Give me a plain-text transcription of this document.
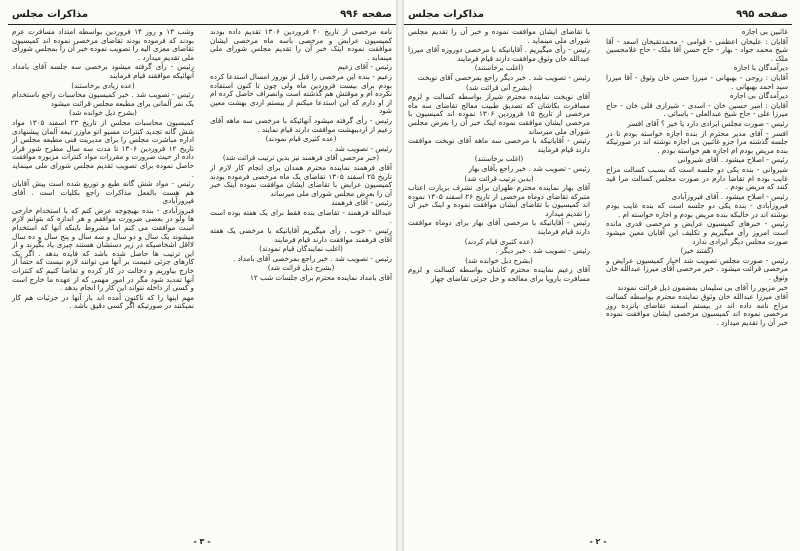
صفحه ۹۹۶
مذاکرات مجلس

نامه مرخصی از تاریخ ۲۰ فروردین ۱۳۰۶ تقدیم داده بودند کمیسیون عرایض و مرخصی باسه ماه مرخصی ایشان موافقت نموده اینک خبر آن را تقدیم مجلس شورای ملی مینماید .

رئیس - آقای زعیم

زعیم - بنده این مرخصی را قبل از نوروز امسال استدعا کرده بودم برای بیست فروردین ماه ولی چون تا کنون استفاده نکرده ام و موقتش هم گذشته است وانصراف حاصل کرده ام از او دارم که این استدعا میکنم از بیستم اردی بهشت معین شود

رئیس - رأی گرفته میشود آنهائیکه با مرخصی سه ماهه آقای زعیم از اردیبهشت موافقت دارند قیام نمایند .

(عده کثیری قیام نمودند)

رئیس - تصویب شد .

(خبر مرخصی آقای فرهمند نیز بدین ترتیب قرائت شد)

آقای فرهمند نماینده محترم همدان برای انجام کار لازم از تاریخ ۲۵ اسفند ۱۳۰۵ تقاضای یک ماه مرخصی فرموده بودند کمیسیون عرایض با تقاضای ایشان موافقت نموده اینک خبر آن را بعرض مجلس شورای ملی میرساند

رئیس - آقای فرهمند

عبدالله فرهمند - تقاضای بنده فقط برای یک هفته بوده است .

رئیس - خوب . رأی میگیریم آقایانیکه با مرخصی یک هفته آقای فرهمند موافقت دارند قیام فرمایند

(اغلب نمایندگان قیام نمودند)

رئیس - تصویب شد . خبر راجع بمرخصی آقای بامداد .

(بشرح ذیل قرائت شد)

آقای بامداد نماینده محترم برای جلسات شب ۱۲

وشب ۱۳ و روز ۱۴ فروردین بواسطه امتداد مسافرت عزم بودند که فرموده بودند تقاضای مرخصی نموده اند کمیسیون تقاضای معزی الیه را تصویب نموده خبر آن را بمجلس شورای ملی تقدیم میدارد .

رئیس - رأی گرفته میشود برخصی سه جلسه آقای بامداد آنهائیکه موافقند قیام فرمایند

(عده زیادی برخاستند)

رئیس - تصویب شد . خبر کمیسیون محاسبات راجع باستخدام یک نفر آلمانی برای مطبعه مجلس قرائت میشود

(بشرح ذیل خوانده شد)

کمیسیون محاسبات مجلس از تاریخ ۲۳ اسفند ۱۳۰۵ مواد شش گانه تجدید کنترات مسیو اتو ماوزر تبعه آلمان پیشنهادی اداره مباشرت مجلس را برای مدیریت فنی مطبعه مجلس از تاریخ ۱۲ فروردین ۱۳۰۶ تا مدت سه سال مطرح شور قرار داده از حیث ضرورت و مقررات مواد کنترات مزبوره موافقت حاصل نموده برای تصویب تقدیم مجلس شورای ملی مینماید .

رئیس - مواد شش گانه طبع و توزیع شده است پیش آقایان هم هست بالفعل مذاکرات راجع بکلیات است . آقای فیروزآبادی

فیروزآبادی - بنده بهیچوجه عرض کنم که با استخدام خارجی ها ولو در بعضی ضرورت موافقم و هر اندازه که بتوانم لازم است موافقت می کنم اما مشروط باینکه آنها که استخدام میشوند یک سال و دو سال و سه سال و پنج سال و ده سال لااقل اشخاصیکه در زیر دستشان هستند چیزی یاد بگیرند و از این ترتیب ها حاصل شده باشد که فایده بدهد . اگر یک کارهای جزئی غنیمت بر آنها می توانند لازم نیست که حتماً از خارج بیاوریم و دخالت در کار کرده و تقاضا کنیم که کنترات آنها تمدید شود مگر در امور مهمی که از عهده ما خارج است و کسی از داخله نتواند این کار را انجام بدهد .

مهم اینها را که تاکنون آمده اند باز آنها در جزئیات هم کار نمیکنند در صورتیکه اگر کسی دقیق باشد .

- ۳ -
صفحه ۹۹۵
مذاکرات مجلس

غائبین بی اجازه

آقایان : علیخان اعظمی - قوامی - محمدتقیخان اسعد - آقا شیخ محمد جواد - بهار - حاج حسن آقا ملک - حاج غلامحسین ملک .

دیرآمدگان با اجازه

آقایان : روحی - بهبهانی - میرزا حسن خان وثوق - آقا میرزا سید احمد بهبهانی .

دیرآمدگان بی اجازه

آقایان : امیر حسین خان - اسدی - شیرازی قلی خان - حاج میرزا علی - حاج شیخ عبدالعلی - یاسائی .

رئیس - صورت مجلس ایرادی دارد یا خیر ؟ آقای افسر

افسر - آقای مدیر محترم از بنده اجازه خواسته بودم تا در جلسه گذشته مرا جزو غائبین بی اجازه نوشته اند در صورتیکه بنده مریض بودم ام اجازه هم خواسته بودم .

رئیس - اصلاح میشود . آقای شیروانی

شیروانی - بنده یکی دو جلسه است که بسبب کسالت مزاج غایب بوده ام تقاضا دارم در صورت مجلس کسالت مرا قید کنند که مریض بودم .

رئیس - اصلاح میشود . آقای فیروزآبادی

فیروزآبادی - بنده یکی دو جلسه است که بنده غایب بودم نوشته اند در حالیکه بنده مریض بودم و اجازه خواسته ام .

رئیس - خبرهای کمیسیون عرایض و مرخصی قدری مانده است امروز رأی میگیریم و تکلیف این آقایان معین میشود صورت مجلس دیگر ایرادی ندارد

(گفتند خیر)

رئیس - صورت مجلس تصویب شد اخبار کمیسیون عرایض و مرخصی قرائت میشود . خبر مرخصی آقای میرزا عبدالله خان وثوق .

خبر مزبور را آقای بی سلیمان بمضمون ذیل قرائت نمودند

آقای میرزا عبدالله خان وثوق نماینده محترم بواسطه کسالت مزاج نامه داده اند در بیستم اسفند تقاضای پانزده روز مرخصی نموده اند کمیسیون مرخصی ایشان موافقت نموده خبر آن را تقدیم میدارد .

با تقاضای ایشان موافقت نموده و خبر آن را تقدیم مجلس شورای ملی مینماید .

رئیس - رأی میگیریم . آقایانیکه با مرخصی دوروزه آقای میرزا عبدالله خان وثوق موافقت دارند قیام فرمایند

(اغلب برخاستند)

رئیس - تصویب شد . خبر دیگر راجع بمرخصی آقای نوبخت

(بشرح آتی قرائت شد)

آقای نوبخت نماینده محترم شیراز بواسطه کسالت و لزوم مسافرت بکاشان که تصدیق طبیب معالج تقاضای سه ماه مرخصی از تاریخ ۱۵ فروردین ۱۳۰۶ نموده اند کمیسیون با مرخصی ایشان موافقت نموده اینک خبر آن را بعرض مجلس شورای ملی میرساند

رئیس - آقایانیکه با مرخصی سه ماهه آقای نوبخت موافقت دارند قیام فرمایند

(اغلب برخاستند)

رئیس - تصویب شد . خبر راجع بآقای بهار

(بدین ترتیب قرائت شد)

آقای بهار نماینده محترم طهران برای تشرف بزیارت اعتاب متبرکه تقاضای دوماه مرخصی از تاریخ ۲۶ اسفند ۱۳۰۵ نموده اند کمیسیون با تقاضای ایشان موافقت نموده و اینک خبر آن را تقدیم میدارد

رئیس - آقایانیکه با مرخصی آقای بهار برای دوماه موافقت دارند قیام فرمایند

(عده کثیری قیام کردند)

رئیس - تصویب شد . خبر دیگر .

(بشرح ذیل خوانده شد)

آقای زعیم نماینده محترم کاشان بواسطه کسالت و لزوم مسافرت باروپا برای معالجه و حل جزئی تقاضای چهار

- ۲ -
